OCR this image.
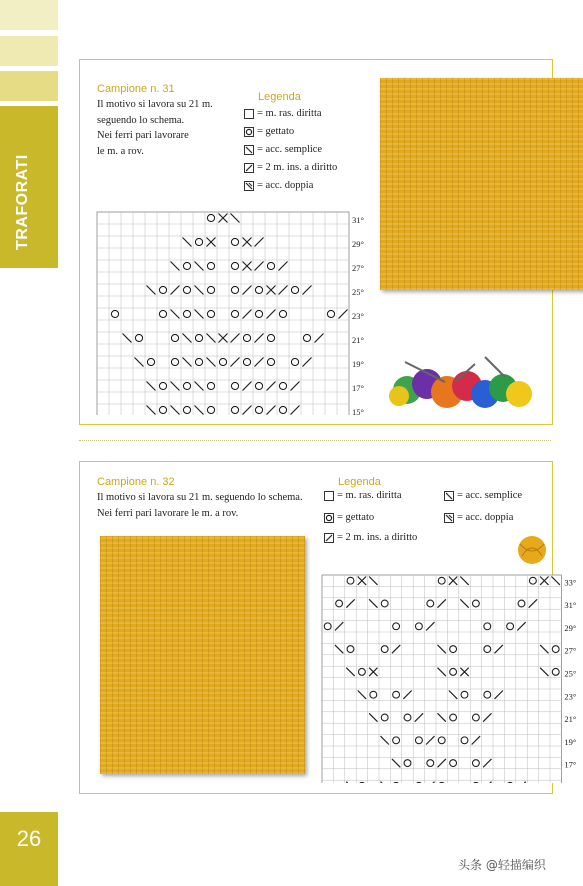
TRAFORATI
26
Campione n. 31
Il motivo si lavora su 21 m.
seguendo lo schema.
Nei ferri pari lavorare
le m. a rov.
Legenda
= m. ras. diritta
= gettato
= acc. semplice
= 2 m. ins. a diritto
= acc. doppia
31°
29°
27°
25°
23°
21°
19°
17°
15°
Campione n. 32
Il motivo si lavora su 21 m. seguendo lo schema.
Nei ferri pari lavorare le m. a rov.
Legenda
= m. ras. diritta	= acc. semplice
= gettato	= acc. doppia
= 2 m. ins. a diritto
33°
31°
29°
27°
25°
23°
21°
19°
17°
头条 @轻描编织
